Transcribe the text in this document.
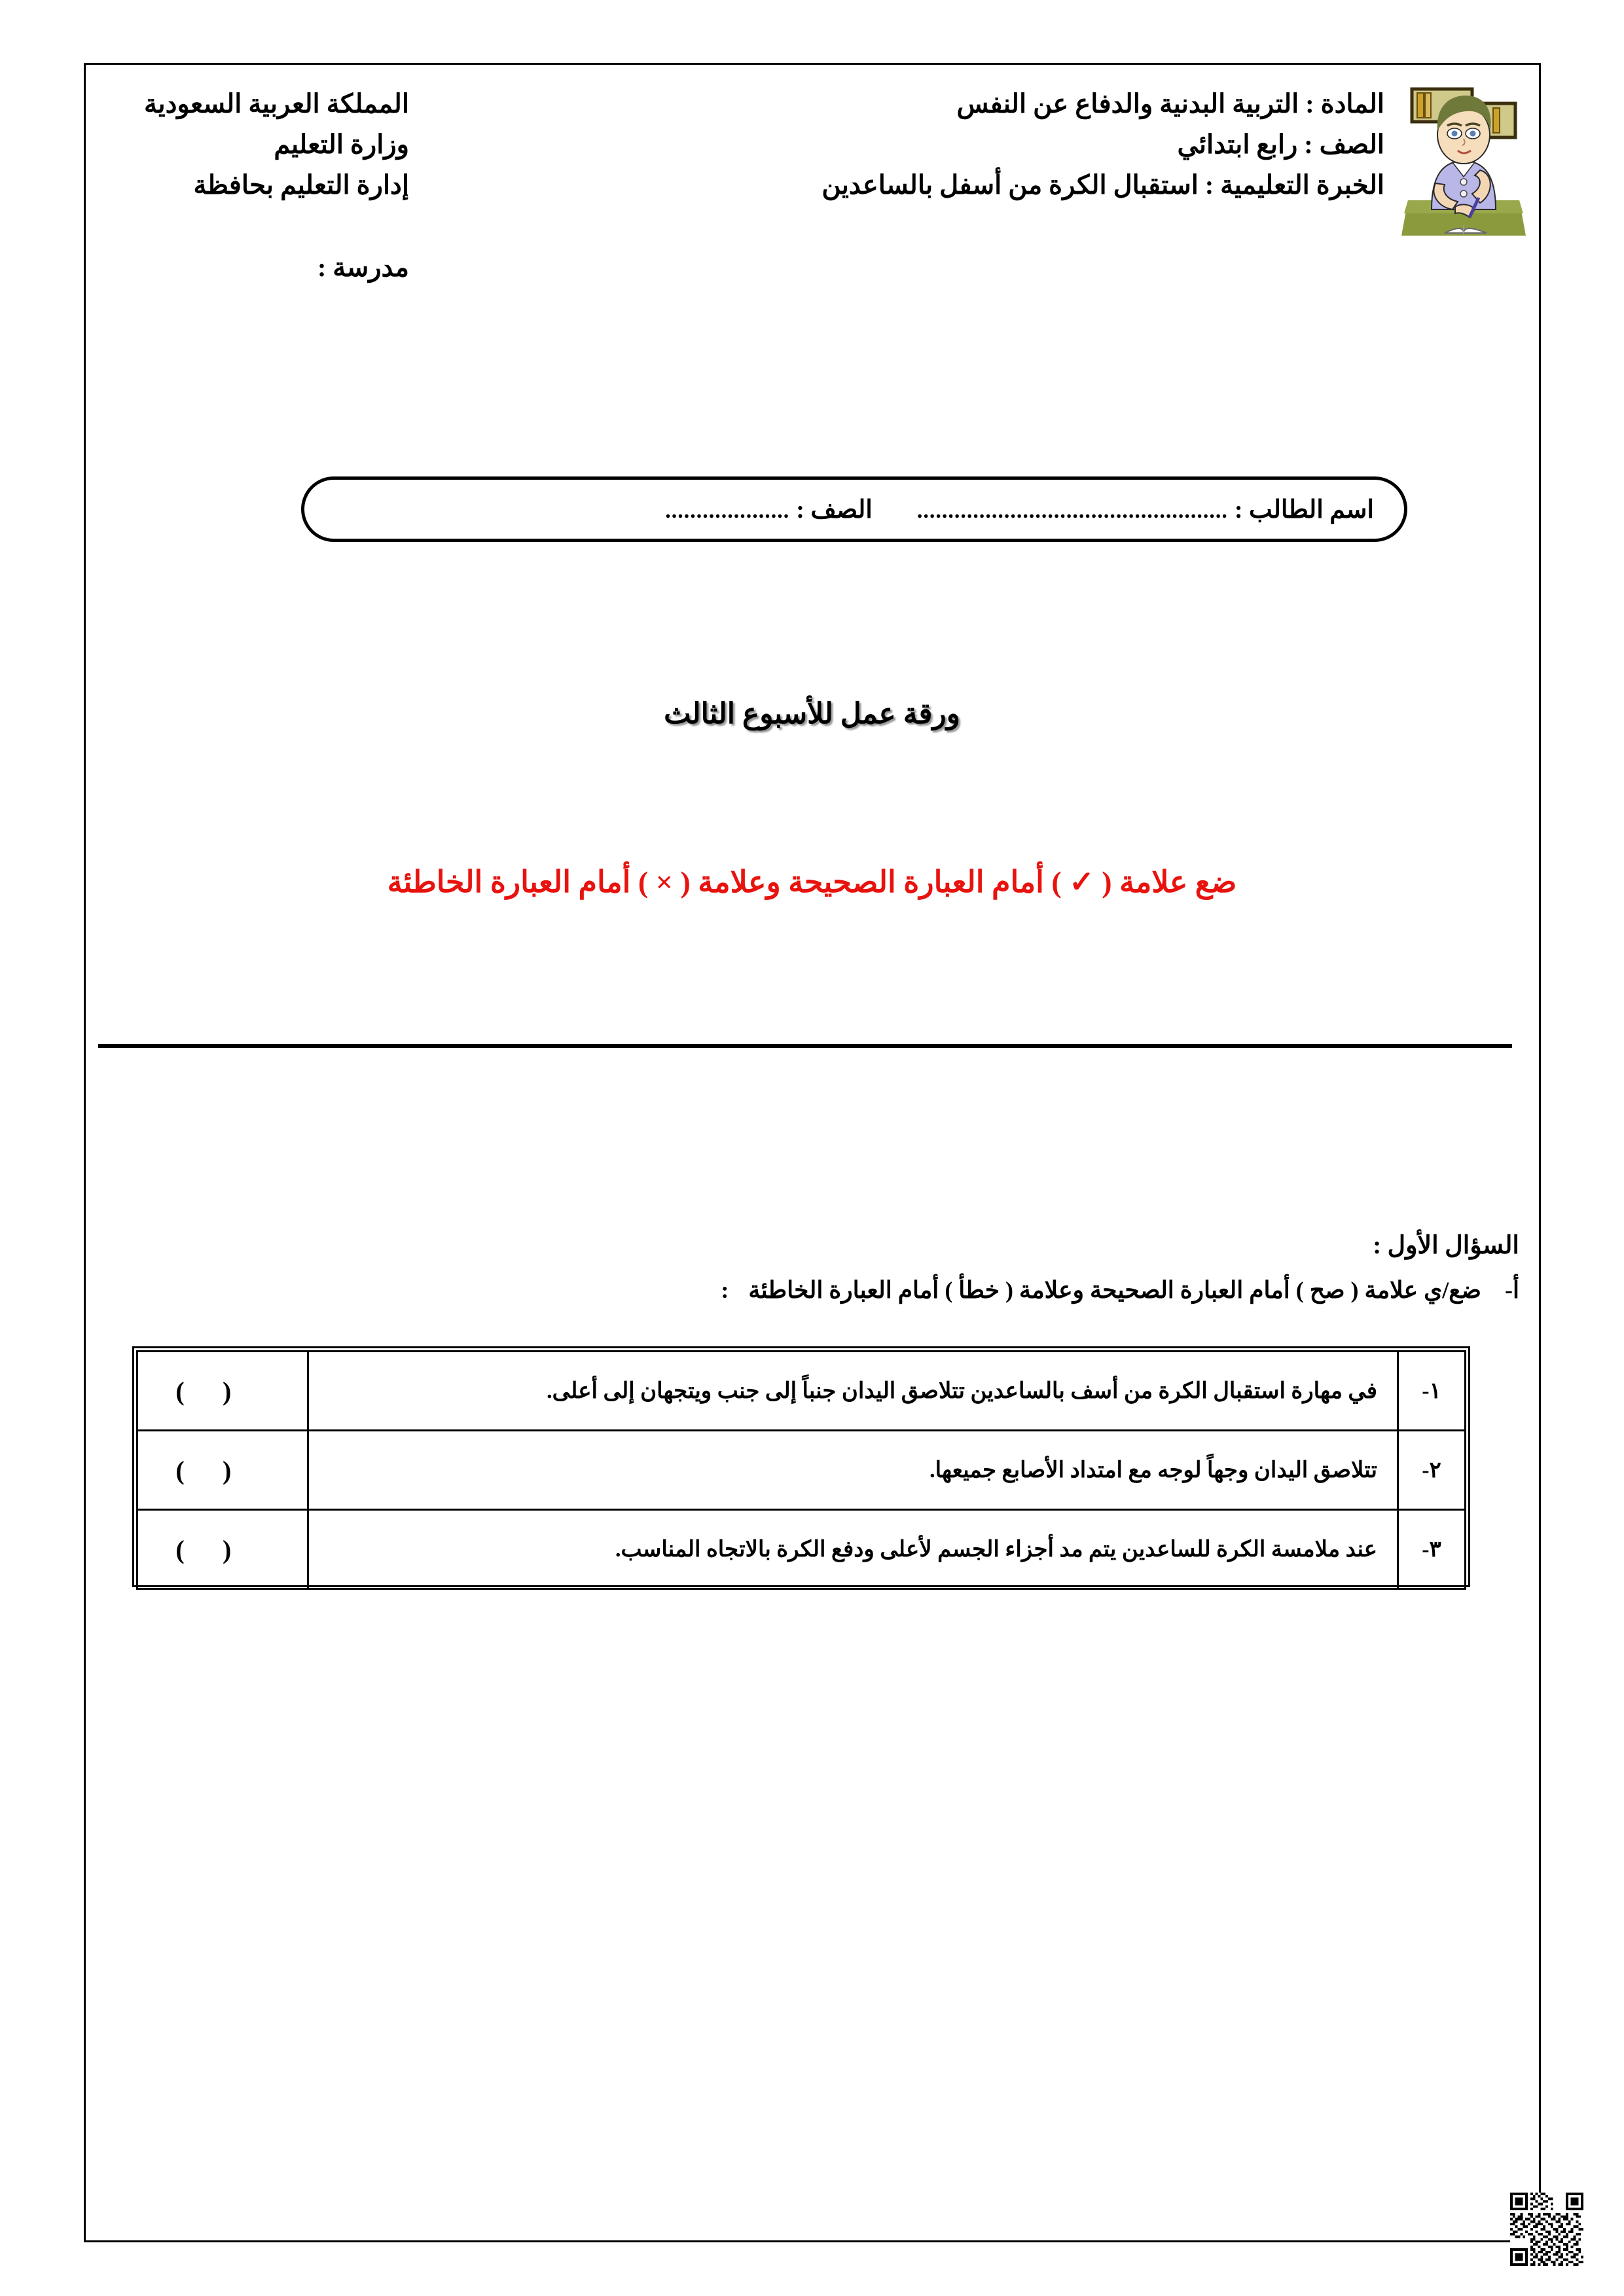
المملكة العربية السعودية
وزارة التعليم
إدارة التعليم بحافظة
مدرسة :
المادة : التربية البدنية والدفاع عن النفس
الصف : رابع ابتدائي
الخبرة التعليمية : استقبال الكرة من أسفل بالساعدين
اسم الطالب :
..................................................
الصف :
....................
ورقة عمل للأسبوع الثالث
ضع علامة ( ✓ ) أمام العبارة الصحيحة وعلامة ( × ) أمام العبارة الخاطئة
السؤال الأول :
أ-
ضع/ي علامة ( صح ) أمام العبارة الصحيحة وعلامة ( خطأ ) أمام العبارة الخاطئة
:
١-	في مهارة استقبال الكرة من أسف بالساعدين تتلاصق اليدان جنباً إلى جنب ويتجهان إلى أعلى.	()
٢-	تتلاصق اليدان وجهاً لوجه مع امتداد الأصابع جميعها.	()
٣-	عند ملامسة الكرة للساعدين يتم مد أجزاء الجسم لأعلى ودفع الكرة بالاتجاه المناسب.	()
